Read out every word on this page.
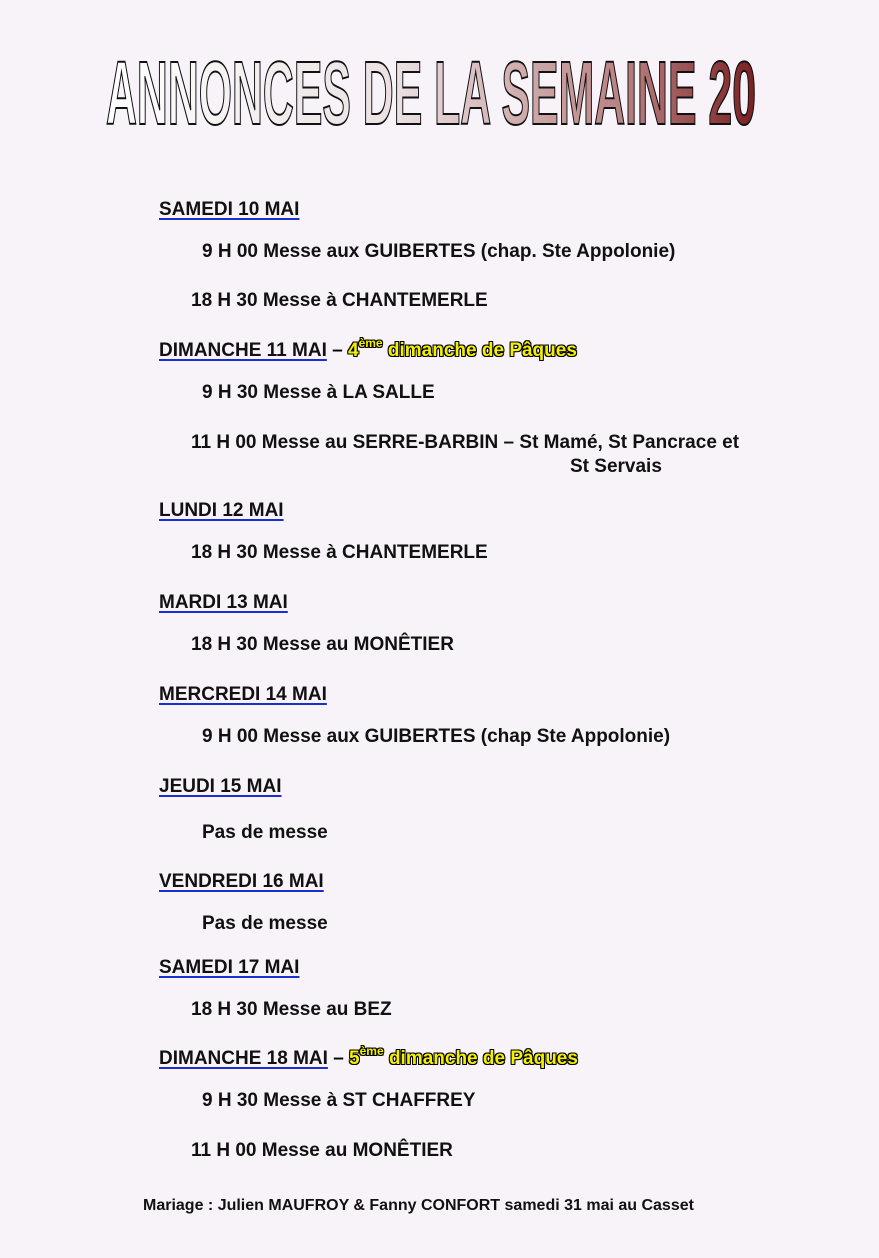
ANNONCES DE LA SEMAINE 20
SAMEDI 10 MAI
9 H 00 Messe aux GUIBERTES (chap. Ste Appolonie)
18 H 30 Messe à CHANTEMERLE
DIMANCHE 11 MAI – 4ème dimanche de Pâques
9 H 30 Messe à LA SALLE
11 H 00 Messe au SERRE-BARBIN – St Mamé, St Pancrace et
St Servais
LUNDI 12 MAI
18 H 30 Messe à CHANTEMERLE
MARDI 13 MAI
18 H 30 Messe au MONÊTIER
MERCREDI 14 MAI
9 H 00 Messe aux GUIBERTES (chap Ste Appolonie)
JEUDI 15 MAI
Pas de messe
VENDREDI 16 MAI
Pas de messe
SAMEDI 17 MAI
18 H 30 Messe au BEZ
DIMANCHE 18 MAI – 5ème dimanche de Pâques
9 H 30 Messe à ST CHAFFREY
11 H 00 Messe au MONÊTIER
Mariage : Julien MAUFROY & Fanny CONFORT samedi 31 mai au Casset
